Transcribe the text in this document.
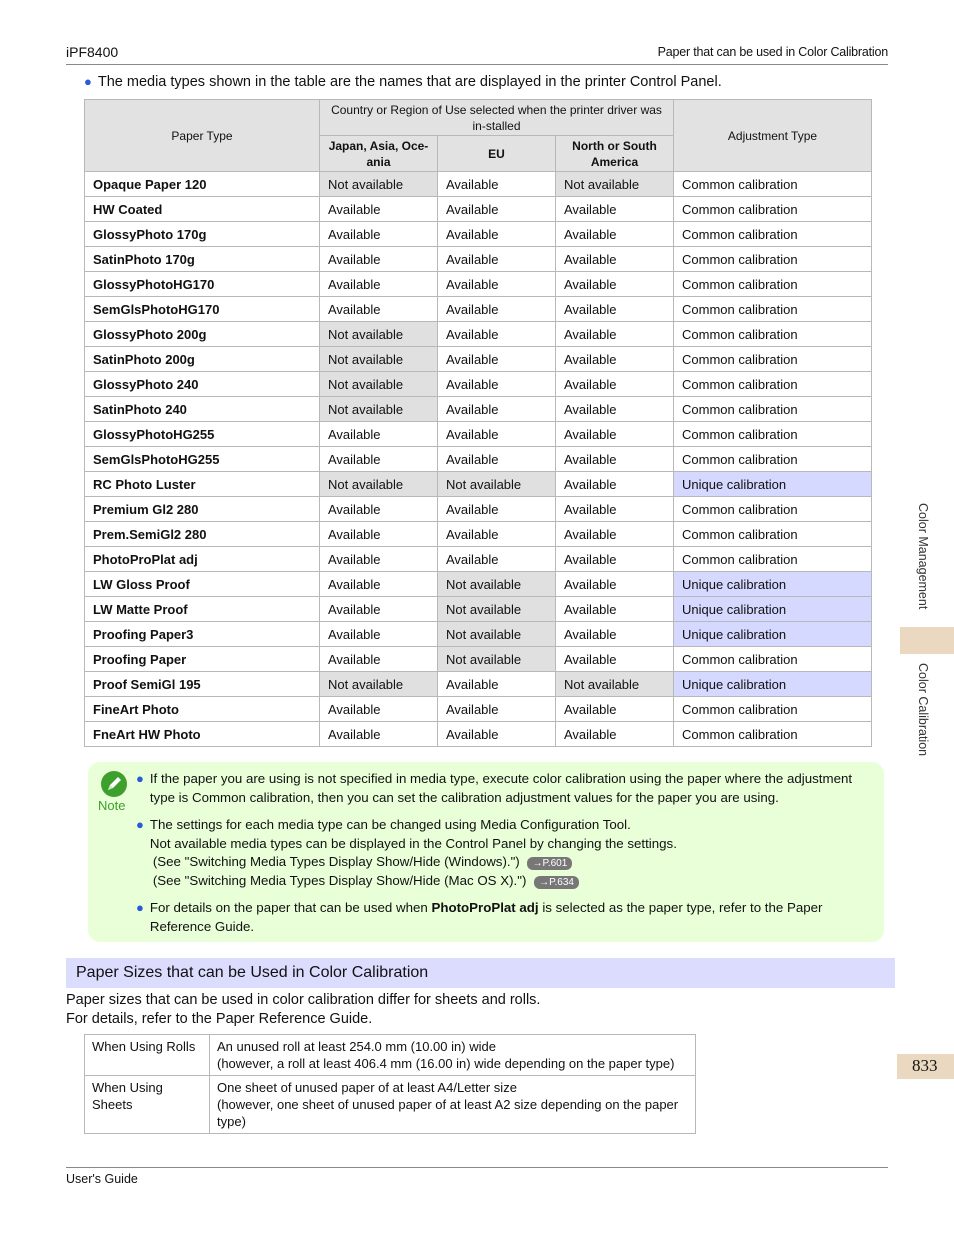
iPF8400	Paper that can be used in Color Calibration
● The media types shown in the table are the names that are displayed in the printer Control Panel.
Paper Type	Country or Region of Use selected when the printer driver was in-stalled			Adjustment Type
	Japan, Asia, Oce-ania	EU	North or South America	
Opaque Paper 120	Not available	Available	Not available	Common calibration
HW Coated	Available	Available	Available	Common calibration
GlossyPhoto 170g	Available	Available	Available	Common calibration
SatinPhoto 170g	Available	Available	Available	Common calibration
GlossyPhotoHG170	Available	Available	Available	Common calibration
SemGlsPhotoHG170	Available	Available	Available	Common calibration
GlossyPhoto 200g	Not available	Available	Available	Common calibration
SatinPhoto 200g	Not available	Available	Available	Common calibration
GlossyPhoto 240	Not available	Available	Available	Common calibration
SatinPhoto 240	Not available	Available	Available	Common calibration
GlossyPhotoHG255	Available	Available	Available	Common calibration
SemGlsPhotoHG255	Available	Available	Available	Common calibration
RC Photo Luster	Not available	Not available	Available	Unique calibration
Premium Gl2 280	Available	Available	Available	Common calibration
Prem.SemiGl2 280	Available	Available	Available	Common calibration
PhotoProPlat adj	Available	Available	Available	Common calibration
LW Gloss Proof	Available	Not available	Available	Unique calibration
LW Matte Proof	Available	Not available	Available	Unique calibration
Proofing Paper3	Available	Not available	Available	Unique calibration
Proofing Paper	Available	Not available	Available	Common calibration
Proof SemiGl 195	Not available	Available	Not available	Unique calibration
FineArt Photo	Available	Available	Available	Common calibration
FneArt HW Photo	Available	Available	Available	Common calibration
Note
● If the paper you are using is not specified in media type, execute color calibration using the paper where the adjustment type is Common calibration, then you can set the calibration adjustment values for the paper you are using.
● The settings for each media type can be changed using Media Configuration Tool.
Not available media types can be displayed in the Control Panel by changing the settings.
(See "Switching Media Types Display Show/Hide (Windows).") →P.601
(See "Switching Media Types Display Show/Hide (Mac OS X).") →P.634
● For details on the paper that can be used when PhotoProPlat adj is selected as the paper type, refer to the Paper Reference Guide.
Paper Sizes that can be Used in Color Calibration
Paper sizes that can be used in color calibration differ for sheets and rolls.
For details, refer to the Paper Reference Guide.
When Using Rolls	An unused roll at least 254.0 mm (10.00 in) wide
(however, a roll at least 406.4 mm (16.00 in) wide depending on the paper type)

When Using Sheets	One sheet of unused paper of at least A4/Letter size
(however, one sheet of unused paper of at least A2 size depending on the paper type)
Color Management
Color Calibration
833
User's Guide
